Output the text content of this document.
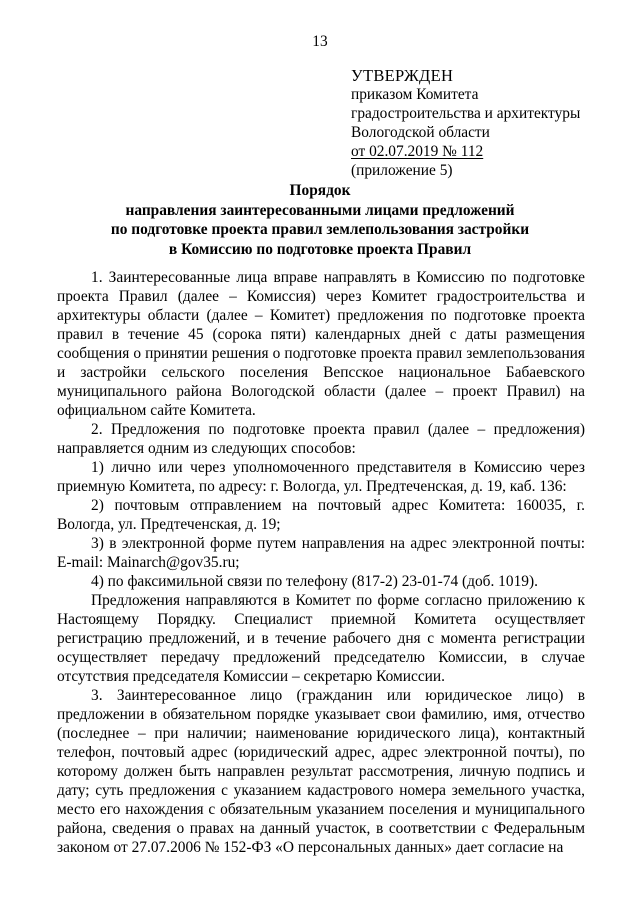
13
УТВЕРЖДЕН
приказом Комитета
градостроительства и архитектуры
Вологодской области
от 02.07.2019 № 112
(приложение 5)
Порядок
направления заинтересованными лицами предложений
по подготовке проекта правил землепользования застройки
в Комиссию по подготовке проекта Правил

1. Заинтересованные лица вправе направлять в Комиссию по подготовке проекта Правил (далее – Комиссия) через Комитет градостроительства и архитектуры области (далее – Комитет) предложения по подготовке проекта правил в течение 45 (сорока пяти) календарных дней с даты размещения сообщения о принятии решения о подготовке проекта правил землепользования и застройки сельского поселения Вепсское национальное Бабаевского муниципального района Вологодской области (далее – проект Правил) на официальном сайте Комитета.

2. Предложения по подготовке проекта правил (далее – предложения) направляется одним из следующих способов:

1) лично или через уполномоченного представителя в Комиссию через приемную Комитета, по адресу: г. Вологда, ул. Предтеченская, д. 19, каб. 136:

2) почтовым отправлением на почтовый адрес Комитета: 160035, г. Вологда, ул. Предтеченская, д. 19;

3) в электронной форме путем направления на адрес электронной почты: E-mail: Mainarch@gov35.ru;

4) по факсимильной связи по телефону (817-2) 23-01-74 (доб. 1019).

Предложения направляются в Комитет по форме согласно приложению к Настоящему Порядку. Специалист приемной Комитета осуществляет регистрацию предложений, и в течение рабочего дня с момента регистрации осуществляет передачу предложений председателю Комиссии, в случае отсутствия председателя Комиссии – секретарю Комиссии.

3. Заинтересованное лицо (гражданин или юридическое лицо) в предложении в обязательном порядке указывает свои фамилию, имя, отчество (последнее – при наличии; наименование юридического лица), контактный телефон, почтовый адрес (юридический адрес, адрес электронной почты), по которому должен быть направлен результат рассмотрения, личную подпись и дату; суть предложения с указанием кадастрового номера земельного участка, место его нахождения с обязательным указанием поселения и муниципального района, сведения о правах на данный участок, в соответствии с Федеральным законом от 27.07.2006 № 152-ФЗ «О персональных данных» дает согласие на
